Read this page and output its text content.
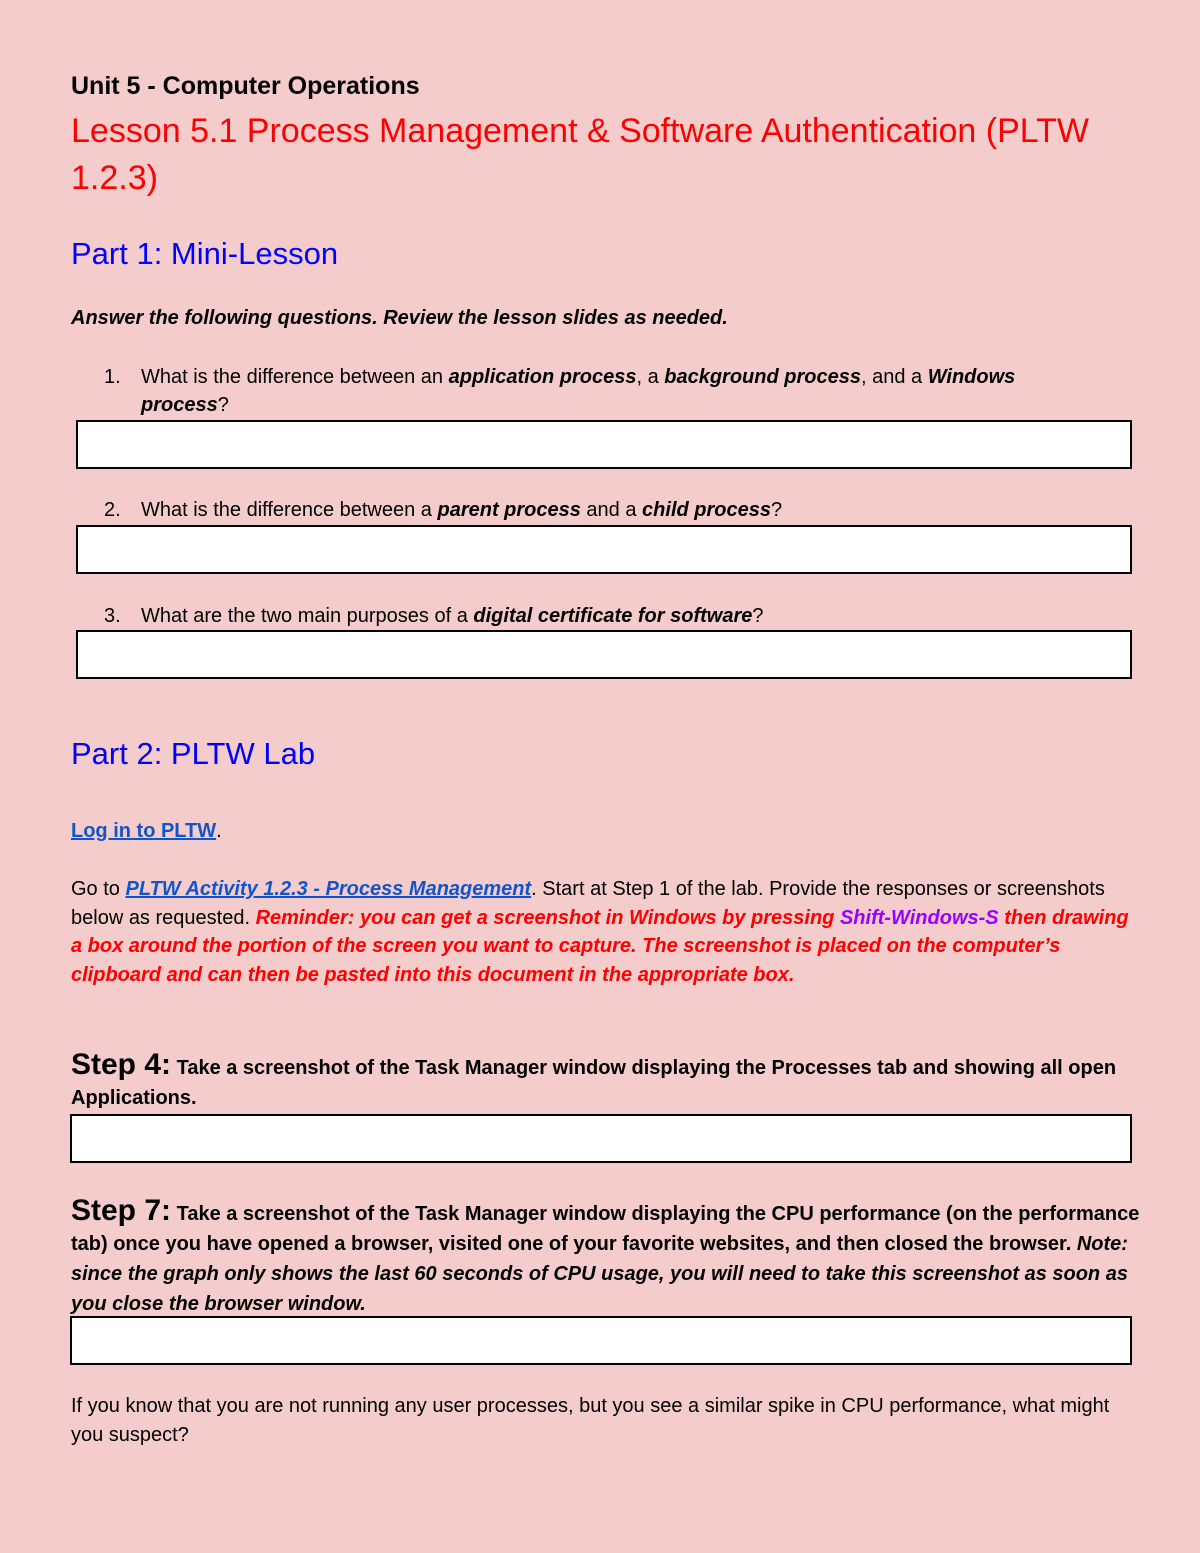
Unit 5 - Computer Operations
Lesson 5.1 Process Management & Software Authentication (PLTW 1.2.3)
Part 1: Mini-Lesson
Answer the following questions. Review the lesson slides as needed.
1. What is the difference between an application process, a background process, and a Windows process?
2. What is the difference between a parent process and a child process?
3. What are the two main purposes of a digital certificate for software?
Part 2: PLTW Lab
Log in to PLTW.
Go to PLTW Activity 1.2.3 - Process Management. Start at Step 1 of the lab. Provide the responses or screenshots below as requested. Reminder: you can get a screenshot in Windows by pressing Shift-Windows-S then drawing a box around the portion of the screen you want to capture. The screenshot is placed on the computer’s clipboard and can then be pasted into this document in the appropriate box.
Step 4: Take a screenshot of the Task Manager window displaying the Processes tab and showing all open Applications.
Step 7: Take a screenshot of the Task Manager window displaying the CPU performance (on the performance tab) once you have opened a browser, visited one of your favorite websites, and then closed the browser. Note: since the graph only shows the last 60 seconds of CPU usage, you will need to take this screenshot as soon as you close the browser window.
If you know that you are not running any user processes, but you see a similar spike in CPU performance, what might you suspect?
